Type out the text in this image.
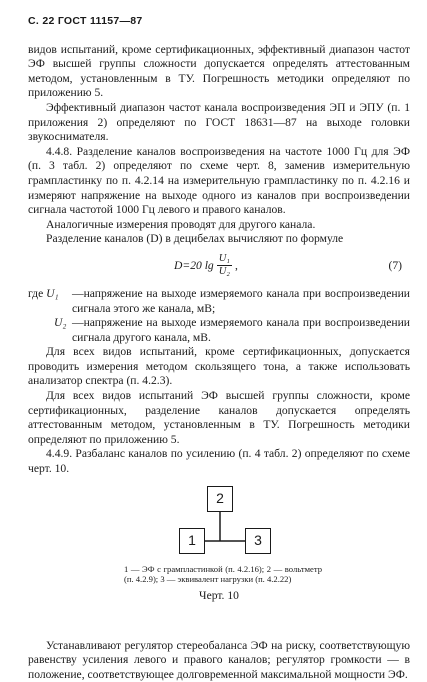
С. 22 ГОСТ 11157—87

видов испытаний, кроме сертификационных, эффективный диапазон частот ЭФ высшей группы сложности допускается определять аттестованным методом, установленным в ТУ. Погрешность методики определяют по приложению 5.

Эффективный диапазон частот канала воспроизведения ЭП и ЭПУ (п. 1 приложения 2) определяют по ГОСТ 18631—87 на выходе головки звукоснимателя.

4.4.8. Разделение каналов воспроизведения на частоте 1000 Гц для ЭФ (п. 3 табл. 2) определяют по схеме черт. 8, заменив измерительную грампластинку по п. 4.2.14 на измерительную грампластинку по п. 4.2.16 и измеряют напряжение на выходе одного из каналов при воспроизведении сигнала частотой 1000 Гц левого и правого каналов.

Аналогичные измерения проводят для другого канала.

Разделение каналов (D) в децибелах вычисляют по формуле

D=20 $\lg \frac{\text{U₁}}{\text{U₂}}$ ,	(7)
где U₁	—напряжение на выходе измеряемого канала при воспроизведении сигнала этого же канала, мВ;
U₂ —напряжение на выходе измеряемого канала при воспроизведении сигнала другого канала, мВ.

Для всех видов испытаний, кроме сертификационных, допускается проводить измерения методом скользящего тона, а также использовать анализатор спектра (п. 4.2.3).

Для всех видов испытаний ЭФ высшей группы сложности, кроме сертификационных, разделение каналов допускается определять аттестованным методом, установленным в ТУ. Погрешность методики определяют по приложению 5.

4.4.9. Разбаланс каналов по усилению (п. 4 табл. 2) определяют по схеме черт. 10.

2
1	3

1 — ЭФ с грампластинкой (п. 4.2.16); 2 — вольтметр (п. 4.2.9); 3 — эквивалент нагрузки (п. 4.2.22)

Черт. 10

Устанавливают регулятор стереобаланса ЭФ на риску, соответствующую равенству усиления левого и правого каналов; регулятор громкости — в положение, соответствующее долговременной максимальной мощности ЭФ.
